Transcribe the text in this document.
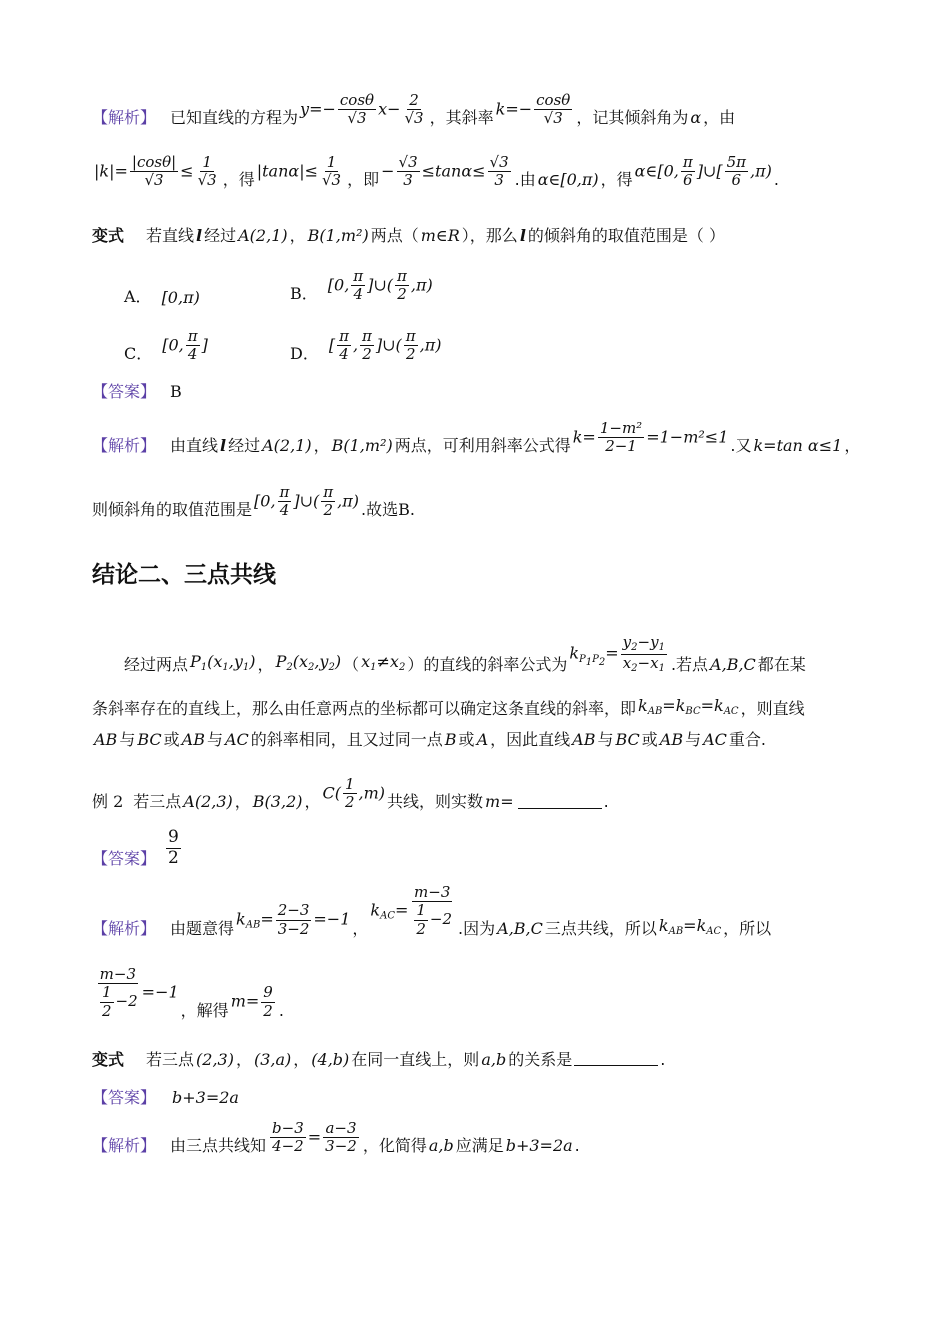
【解析】 已知直线的方程为 $y=- \frac{\cos\theta}{√3} x- \frac{2}{√3}$ ，其斜率 $k=- \frac{\cos\theta}{√3}$ ，记其倾斜角为 α ，由
$|k|= \frac{|\cos\theta|}{√3} \le \frac{1}{√3}$ ，得 $|\tan\alpha|\le \frac{1}{√3}$ ，即 − $\frac{√3}{3} \le\tan\alpha\le \frac{√3}{3}$ .由 α∈[0,π) ，得 α∈[0, $\frac{\pi}{6}$ ]∪[ $\frac{5\pi}{6} ,\pi$) .
变式 若直线 l 经过 A(2,1) ， B(1,m²) 两点（ m∈R ），那么 l 的倾斜角的取值范围是（ ）
A． [0,π)	B． [0, $\frac{\pi}{4}$ ]∪( $\frac{\pi}{2} ,\pi$)
C． [0, $\frac{\pi}{4}$ ]	D． [ $\frac{\pi}{4}$ , $\frac{\pi}{2}$ ]∪( $\frac{\pi}{2} ,\pi$)
【答案】 B
【解析】 由直线 l 经过 A(2,1) ， B(1,m²) 两点，可利用斜率公式得 $k= \frac{\text{1−m²}}{2-1} =1-m^2\le 1$ .又 k=tan α≤1 ，
则倾斜角的取值范围是 [0, $\frac{\pi}{4}$ ]∪( $\frac{\pi}{2} ,\pi$) .故选 B.
结论二、三点共线
经过两点 $P_1(x_1,y_1)$ ， $P_2(x_2,y_2)$ （ $x_1\ne x_2$ ）的直线的斜率公式为
$k_{P1P2}= \frac{y_2-y_1}{x_2-x_1}$ .若点 A,B,C 都在某
条斜率存在的直线上，那么由任意两点的坐标都可以确定这条直线的斜率，即 $k_{AB}=k_{BC}=k_{AC}$ ，则直线
AB 与 BC 或 AB 与 AC 的斜率相同，且又过同一点 B 或 A ，因此直线 AB 与 BC 或 AB 与 AC 重合.
例 2 若三点 A(2,3) ， B(3,2) ， $C( \frac{1}{2} ,m)$ 共线，则实数 m=	.
【答案】 $\frac{9}{2}$
【解析】 由题意得 $k_{AB}= \frac{2-3}{3-2} =-1$ ，
$k_{AC}= \frac{m-3}{\frac{1}{2} -2}$ .因为 A,B,C 三点共线，所以 $k_{AB}=k_{AC}$ ，所以
$\frac{m-3}{\frac{1}{2} -2} =-1$
，解得 $m= \frac{9}{2}$ .
变式 若三点 (2,3) ， (3,a) ， (4,b) 在同一直线上，则 a,b 的关系是	.
【答案】 b+3=2a
【解析】 由三点共线知 $\frac{b-3}{4-2} = \frac{a-3}{3-2}$ ，化简得 a,b 应满足 b+3=2a .
